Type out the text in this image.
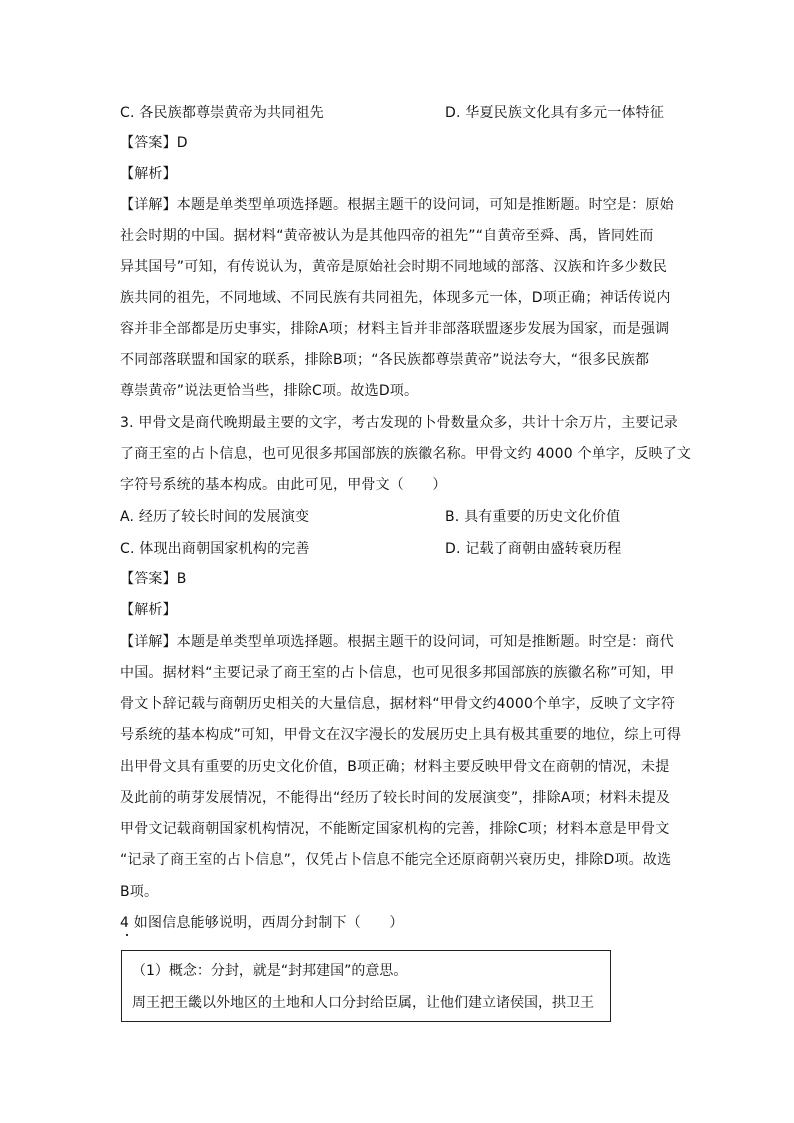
C. 各民族都尊崇黄帝为共同祖先	D. 华夏民族文化具有多元一体特征
【答案】D
【解析】
【详解】本题是单类型单项选择题。根据主题干的设问词，可知是推断题。时空是：原始
社会时期的中国。据材料“黄帝被认为是其他四帝的祖先”“自黄帝至舜、禹，皆同姓而
异其国号”可知，有传说认为，黄帝是原始社会时期不同地域的部落、汉族和许多少数民
族共同的祖先，不同地域、不同民族有共同祖先，体现多元一体，D项正确；神话传说内
容并非全部都是历史事实，排除A项；材料主旨并非部落联盟逐步发展为国家，而是强调
不同部落联盟和国家的联系，排除B项；“各民族都尊崇黄帝”说法夸大，“很多民族都
尊崇黄帝”说法更恰当些，排除C项。故选D项。
3. 甲骨文是商代晚期最主要的文字，考古发现的卜骨数量众多，共计十余万片，主要记录
了商王室的占卜信息，也可见很多邦国部族的族徽名称。甲骨文约 4000 个单字，反映了文
字符号系统的基本构成。由此可见，甲骨文（　　）
A. 经历了较长时间的发展演变	B. 具有重要的历史文化价值
C. 体现出商朝国家机构的完善	D. 记载了商朝由盛转衰历程
【答案】B
【解析】
【详解】本题是单类型单项选择题。根据主题干的设问词，可知是推断题。时空是：商代
中国。据材料“主要记录了商王室的占卜信息，也可见很多邦国部族的族徽名称”可知，甲
骨文卜辞记载与商朝历史相关的大量信息，据材料“甲骨文约4000个单字，反映了文字符
号系统的基本构成”可知，甲骨文在汉字漫长的发展历史上具有极其重要的地位，综上可得
出甲骨文具有重要的历史文化价值，B项正确；材料主要反映甲骨文在商朝的情况，未提
及此前的萌芽发展情况，不能得出“经历了较长时间的发展演变”，排除A项；材料未提及
甲骨文记载商朝国家机构情况，不能断定国家机构的完善，排除C项；材料本意是甲骨文
“记录了商王室的占卜信息”，仅凭占卜信息不能完全还原商朝兴衰历史，排除D项。故选
B项。
4 如图信息能够说明，西周分封制下（　　）
（1）概念：分封，就是“封邦建国”的意思。
周王把王畿以外地区的土地和人口分封给臣属，让他们建立诸侯国，拱卫王
